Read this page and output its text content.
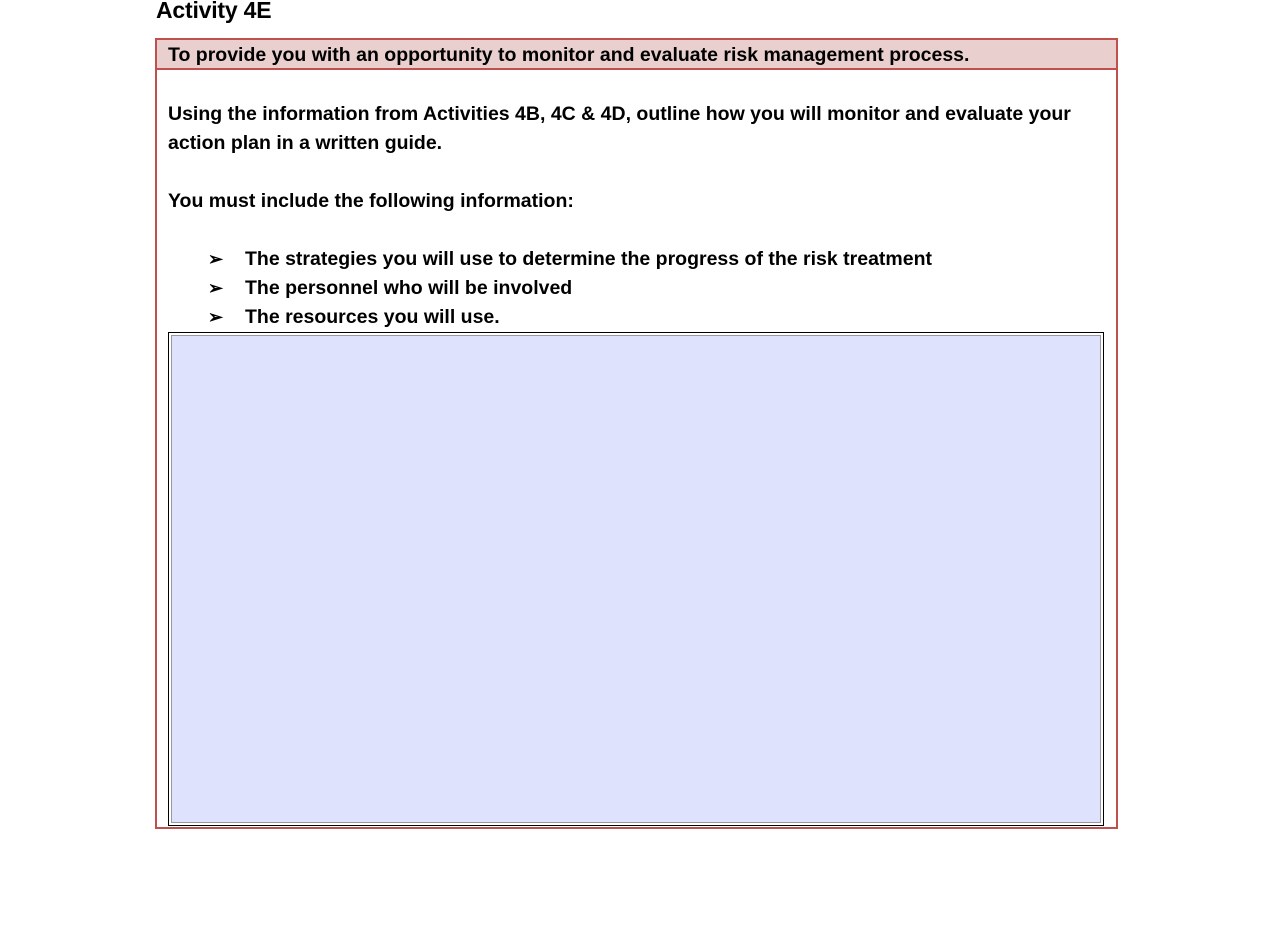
Activity 4E
To provide you with an opportunity to monitor and evaluate risk management process.

Using the information from Activities 4B, 4C & 4D, outline how you will monitor and evaluate your action plan in a written guide.

You must include the following information:

➢ The strategies you will use to determine the progress of the risk treatment
➢ The personnel who will be involved
➢ The resources you will use.
